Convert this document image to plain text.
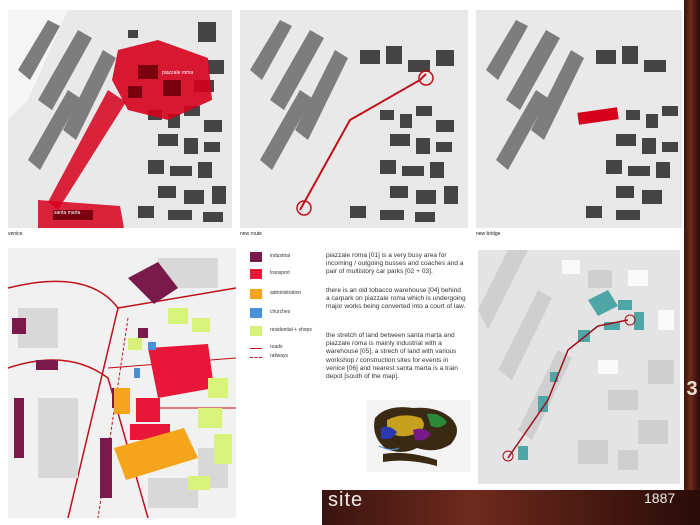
piazzale roma
santa marta
venice	new route	new bridge
industrial
transport
administration
churches
residential + shops
roads
railways
piazzale roma [01] is a very busy area for incoming / outgoing busses and coaches and a pair of multistory car parks [02 + 03].
there is an old tobacco warehouse [04] behind a carpark on piazzale roma which is undergoing major works being converted into a court of law.
the stretch of land between santa marta and piazzale roma is mainly industrial with a warehouse [05], a strech of land with various workshop / construction sites for events in venice [06] and nearest santa marta is a train depot [south of the map].
3
site	1887
